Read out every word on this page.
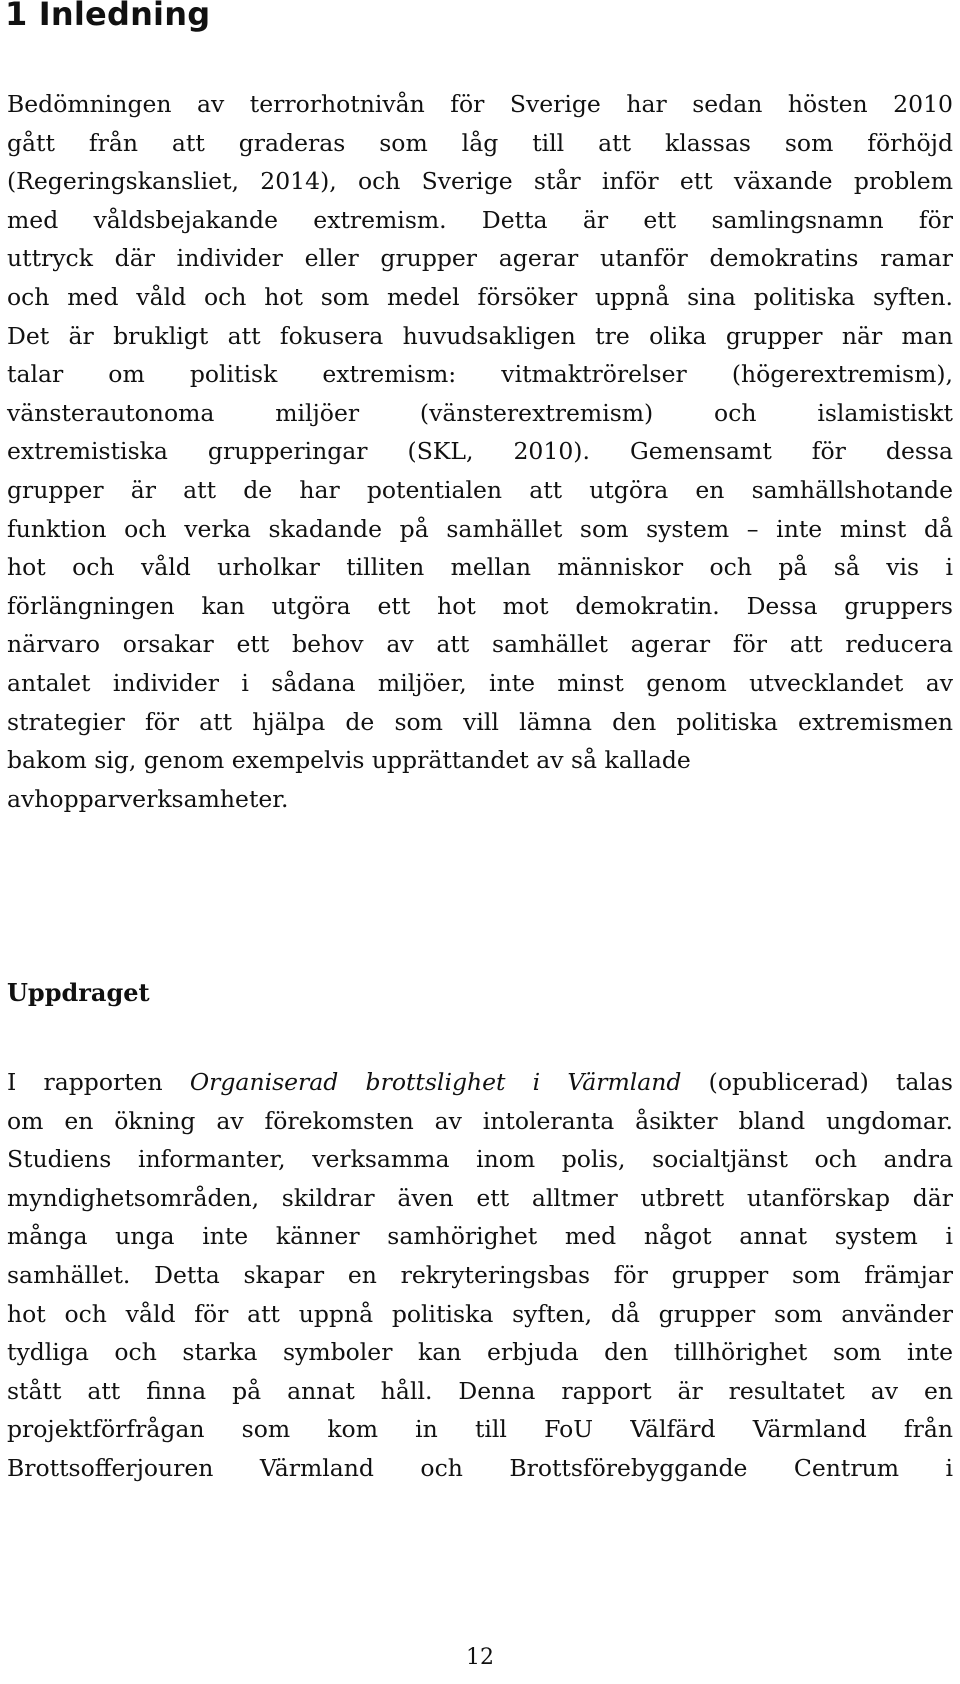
1 Inledning
Bedömningen av terrorhotnivån för Sverige har sedan hösten 2010
gått från att graderas som låg till att klassas som förhöjd
(Regeringskansliet, 2014), och Sverige står inför ett växande problem
med våldsbejakande extremism. Detta är ett samlingsnamn för
uttryck där individer eller grupper agerar utanför demokratins ramar
och med våld och hot som medel försöker uppnå sina politiska syften.
Det är brukligt att fokusera huvudsakligen tre olika grupper när man
talar om politisk extremism: vitmaktrörelser (högerextremism),
vänsterautonoma miljöer (vänsterextremism) och islamistiskt
extremistiska grupperingar (SKL, 2010). Gemensamt för dessa
grupper är att de har potentialen att utgöra en samhällshotande
funktion och verka skadande på samhället som system – inte minst då
hot och våld urholkar tilliten mellan människor och på så vis i
förlängningen kan utgöra ett hot mot demokratin. Dessa gruppers
närvaro orsakar ett behov av att samhället agerar för att reducera
antalet individer i sådana miljöer, inte minst genom utvecklandet av
strategier för att hjälpa de som vill lämna den politiska extremismen
bakom sig, genom exempelvis upprättandet av så kallade
avhopparverksamheter.
Uppdraget
I rapporten Organiserad brottslighet i Värmland (opublicerad) talas
om en ökning av förekomsten av intoleranta åsikter bland ungdomar.
Studiens informanter, verksamma inom polis, socialtjänst och andra
myndighetsområden, skildrar även ett alltmer utbrett utanförskap där
många unga inte känner samhörighet med något annat system i
samhället. Detta skapar en rekryteringsbas för grupper som främjar
hot och våld för att uppnå politiska syften, då grupper som använder
tydliga och starka symboler kan erbjuda den tillhörighet som inte
stått att finna på annat håll. Denna rapport är resultatet av en
projektförfrågan som kom in till FoU Välfärd Värmland från
Brottsofferjouren Värmland och Brottsförebyggande Centrum i
12
